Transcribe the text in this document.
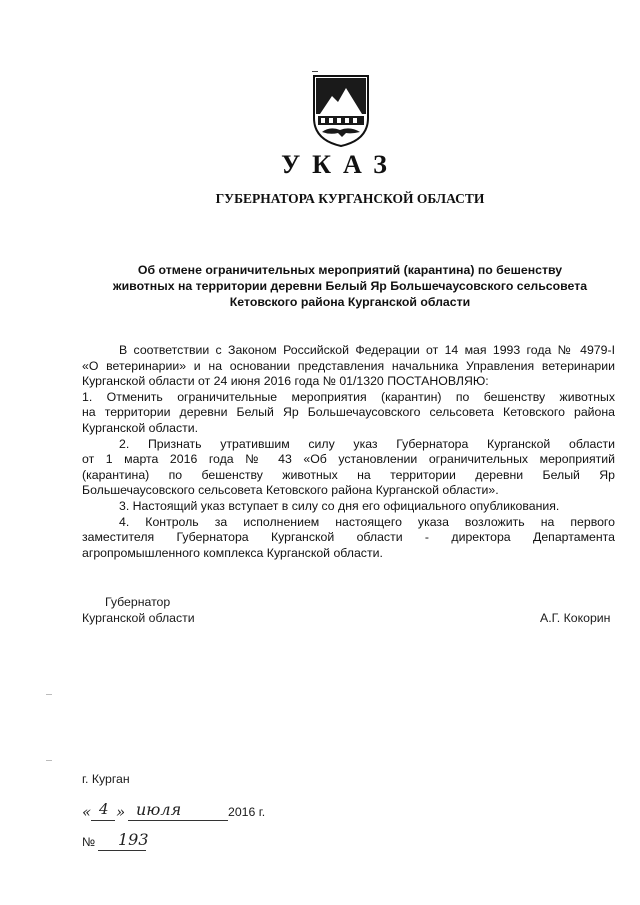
УКАЗ
ГУБЕРНАТОРА КУРГАНСКОЙ ОБЛАСТИ
Об отмене ограничительных мероприятий (карантина) по бешенству
животных на территории деревни Белый Яр Большечаусовского сельсовета
Кетовского района Курганской области
В соответствии с Законом Российской Федерации от 14 мая 1993 года № 4979-I
«О ветеринарии» и на основании представления начальника Управления ветеринарии
Курганской области от 24 июня 2016 года № 01/1320 ПОСТАНОВЛЯЮ:
1. Отменить ограничительные мероприятия (карантин) по бешенству животных
на территории деревни Белый Яр Большечаусовского сельсовета Кетовского района
Курганской области.
2. Признать утратившим силу указ Губернатора Курганской области
от 1 марта 2016 года № 43 «Об установлении ограничительных мероприятий
(карантина) по бешенству животных на территории деревни Белый Яр
Большечаусовского сельсовета Кетовского района Курганской области».
3. Настоящий указ вступает в силу со дня его официального опубликования.
4. Контроль за исполнением настоящего указа возложить на первого
заместителя Губернатора Курганской области - директора Департамента
агропромышленного комплекса Курганской области.
Губернатор
Курганской области	А.Г. Кокорин
г. Курган
« 4 » июля	2016 г.
№ 193
